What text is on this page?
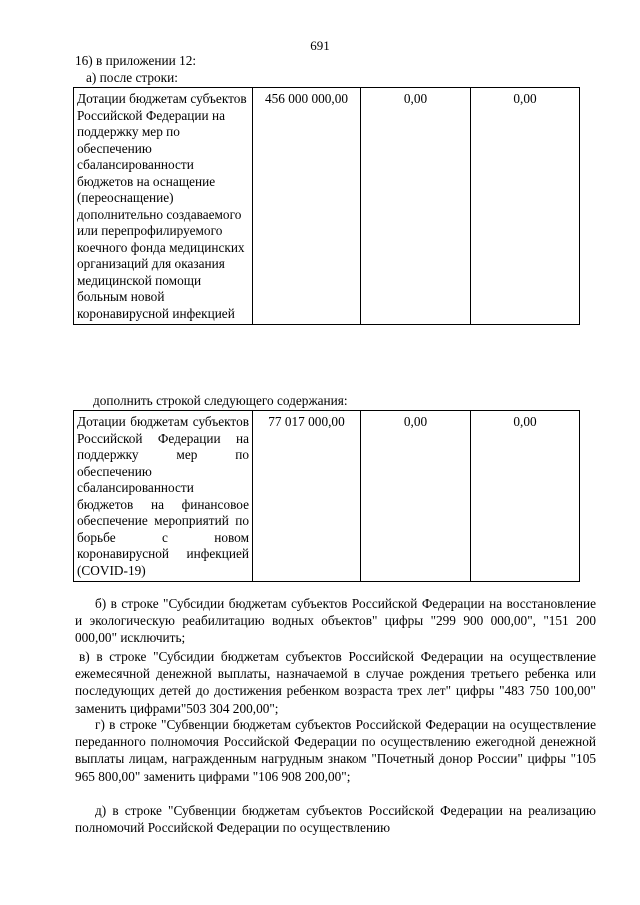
691
16) в приложении 12:
а) после строки:
Дотации бюджетам субъектов Российской Федерации на поддержку мер по обеспечению сбалансированности бюджетов на оснащение (переоснащение) дополнительно создаваемого или перепрофилируемого коечного фонда медицинских организаций для оказания медицинской помощи больным новой коронавирусной инфекцией	456 000 000,00	0,00	0,00
дополнить строкой следующего содержания:
Дотации бюджетам субъектов Российской Федерации на поддержку мер по обеспечению сбалансированности бюджетов на финансовое обеспечение мероприятий по борьбе с новом коронавирусной инфекцией (COVID-19)	77 017 000,00	0,00	0,00
б) в строке "Субсидии бюджетам субъектов Российской Федерации на восстановление и экологическую реабилитацию водных объектов" цифры "299 900 000,00", "151 200 000,00" исключить;
в) в строке "Субсидии бюджетам субъектов Российской Федерации на осуществление ежемесячной денежной выплаты, назначаемой в случае рождения третьего ребенка или последующих детей до достижения ребенком возраста трех лет" цифры "483 750 100,00" заменить цифрами"503 304 200,00";
г) в строке "Субвенции бюджетам субъектов Российской Федерации на осуществление переданного полномочия Российской Федерации по осуществлению ежегодной денежной выплаты лицам, награжденным нагрудным знаком "Почетный донор России" цифры "105 965 800,00" заменить цифрами "106 908 200,00";
д) в строке "Субвенции бюджетам субъектов Российской Федерации на реализацию полномочий Российской Федерации по осуществлению
